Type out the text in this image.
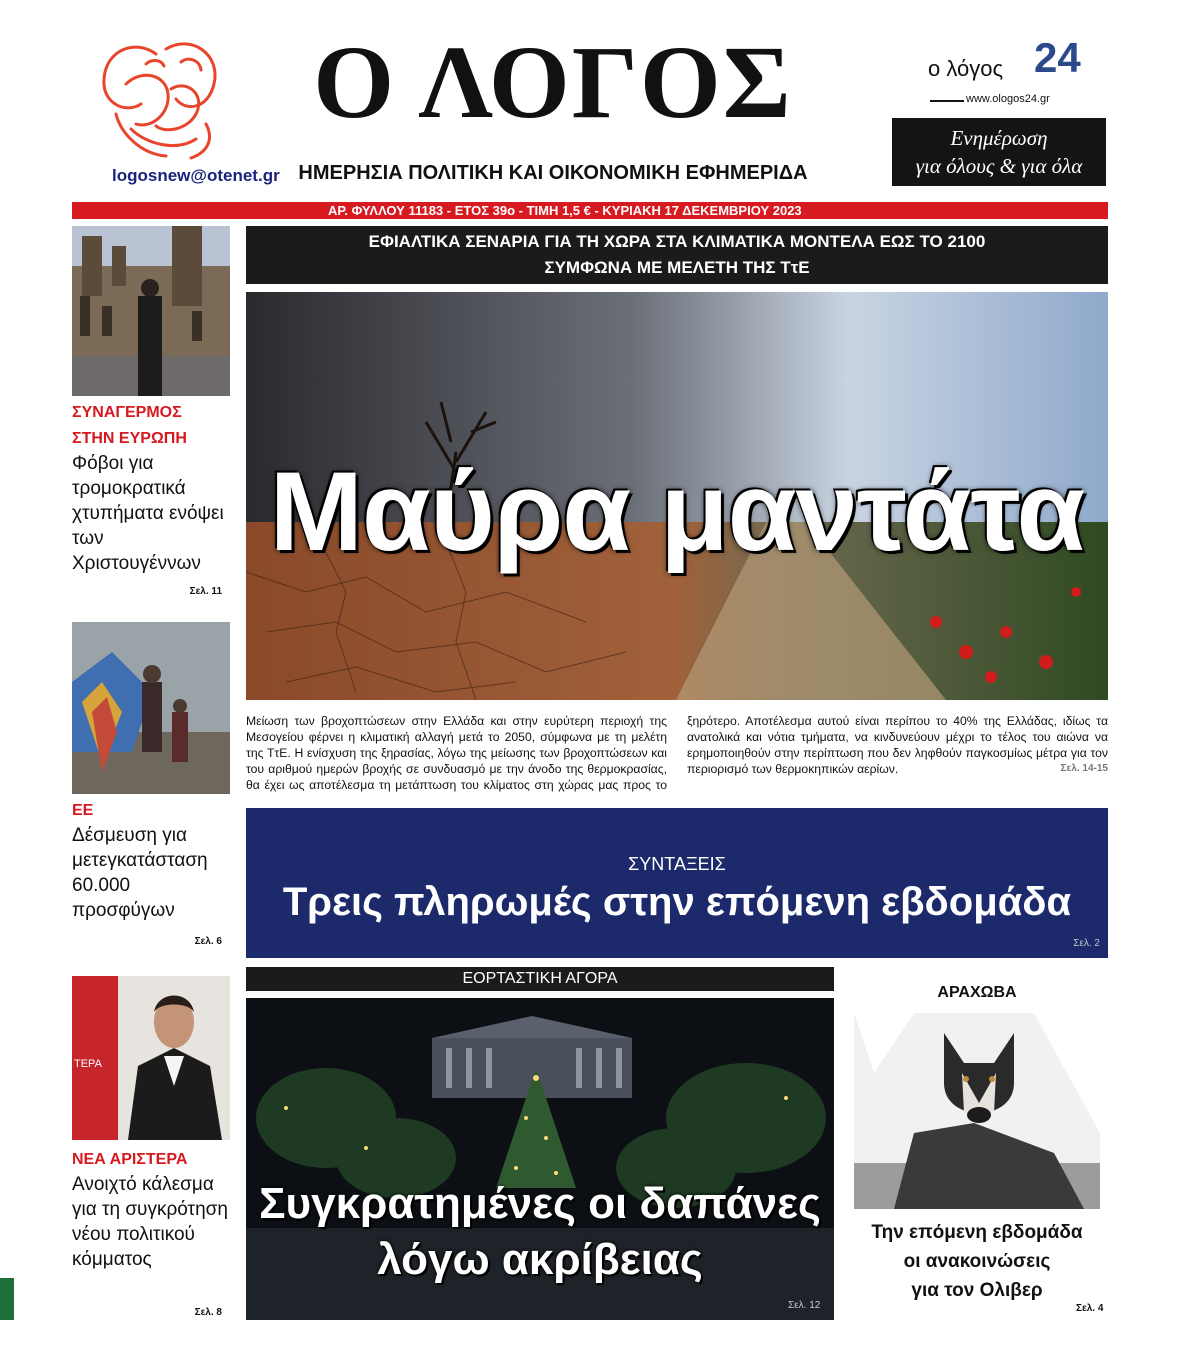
logosnew@otenet.gr
Ο ΛΟΓΟΣ
ΗΜΕΡΗΣΙΑ ΠΟΛΙΤΙΚΗ ΚΑΙ ΟΙΚΟΝΟΜΙΚΗ ΕΦΗΜΕΡΙΔΑ
ο λόγος 24
www.ologos24.gr
Ενημέρωση
για όλους & για όλα
ΑΡ. ΦΥΛΛΟΥ 11183 - ΕΤΟΣ 39ο - ΤΙΜΗ 1,5 € - ΚΥΡΙΑΚΗ 17 ΔΕΚΕΜΒΡΙΟΥ 2023
ΕΦΙΑΛΤΙΚΑ ΣΕΝΑΡΙΑ ΓΙΑ ΤΗ ΧΩΡΑ ΣΤΑ ΚΛΙΜΑΤΙΚΑ ΜΟΝΤΕΛΑ ΕΩΣ ΤΟ 2100
ΣΥΜΦΩΝΑ ΜΕ ΜΕΛΕΤΗ ΤΗΣ ΤτΕ
Μαύρα μαντάτα
Μείωση των βροχοπτώσεων στην Ελλάδα και στην ευρύτερη περιοχή της Μεσογείου φέρνει η κλιματική αλλαγή μετά το 2050, σύμφωνα με τη μελέτη της ΤτΕ. Η ενίσχυση της ξηρασίας, λόγω της μείωσης των βροχοπτώσεων και του αριθμού ημερών βροχής σε συνδυασμό με την άνοδο της θερμοκρασίας, θα έχει ως αποτέλεσμα τη μετάπτωση του κλίματος στη χώρας μας προς το ξηρότερο. Αποτέλεσμα αυτού είναι περίπου το 40% της Ελλάδας, ιδίως τα ανατολικά και νότια τμήματα, να κινδυνεύουν μέχρι το τέλος του αιώνα να ερημοποιηθούν στην περίπτωση που δεν ληφθούν παγκοσμίως μέτρα για τον περιορισμό των θερμοκηπικών αερίων.	Σελ. 14-15
ΣΥΝΤΑΞΕΙΣ
Τρεις πληρωμές στην επόμενη εβδομάδα
Σελ. 2
ΣΥΝΑΓΕΡΜΟΣ
ΣΤΗΝ ΕΥΡΩΠΗ
Φόβοι για τρομοκρατικά χτυπήματα ενόψει των Χριστουγέννων
Σελ. 11
ΕΕ
Δέσμευση για μετεγκατάσταση 60.000 προσφύγων
Σελ. 6
ΤΕΡΑ
ΝΕΑ ΑΡΙΣΤΕΡΑ
Ανοιχτό κάλεσμα για τη συγκρότηση νέου πολιτικού κόμματος
Σελ. 8
ΕΟΡΤΑΣΤΙΚΗ ΑΓΟΡΑ
Συγκρατημένες οι δαπάνες
λόγω ακρίβειας
Σελ. 12
ΑΡΑΧΩΒΑ
Την επόμενη εβδομάδα
οι ανακοινώσεις
για τον Ολιβερ
Σελ. 4
